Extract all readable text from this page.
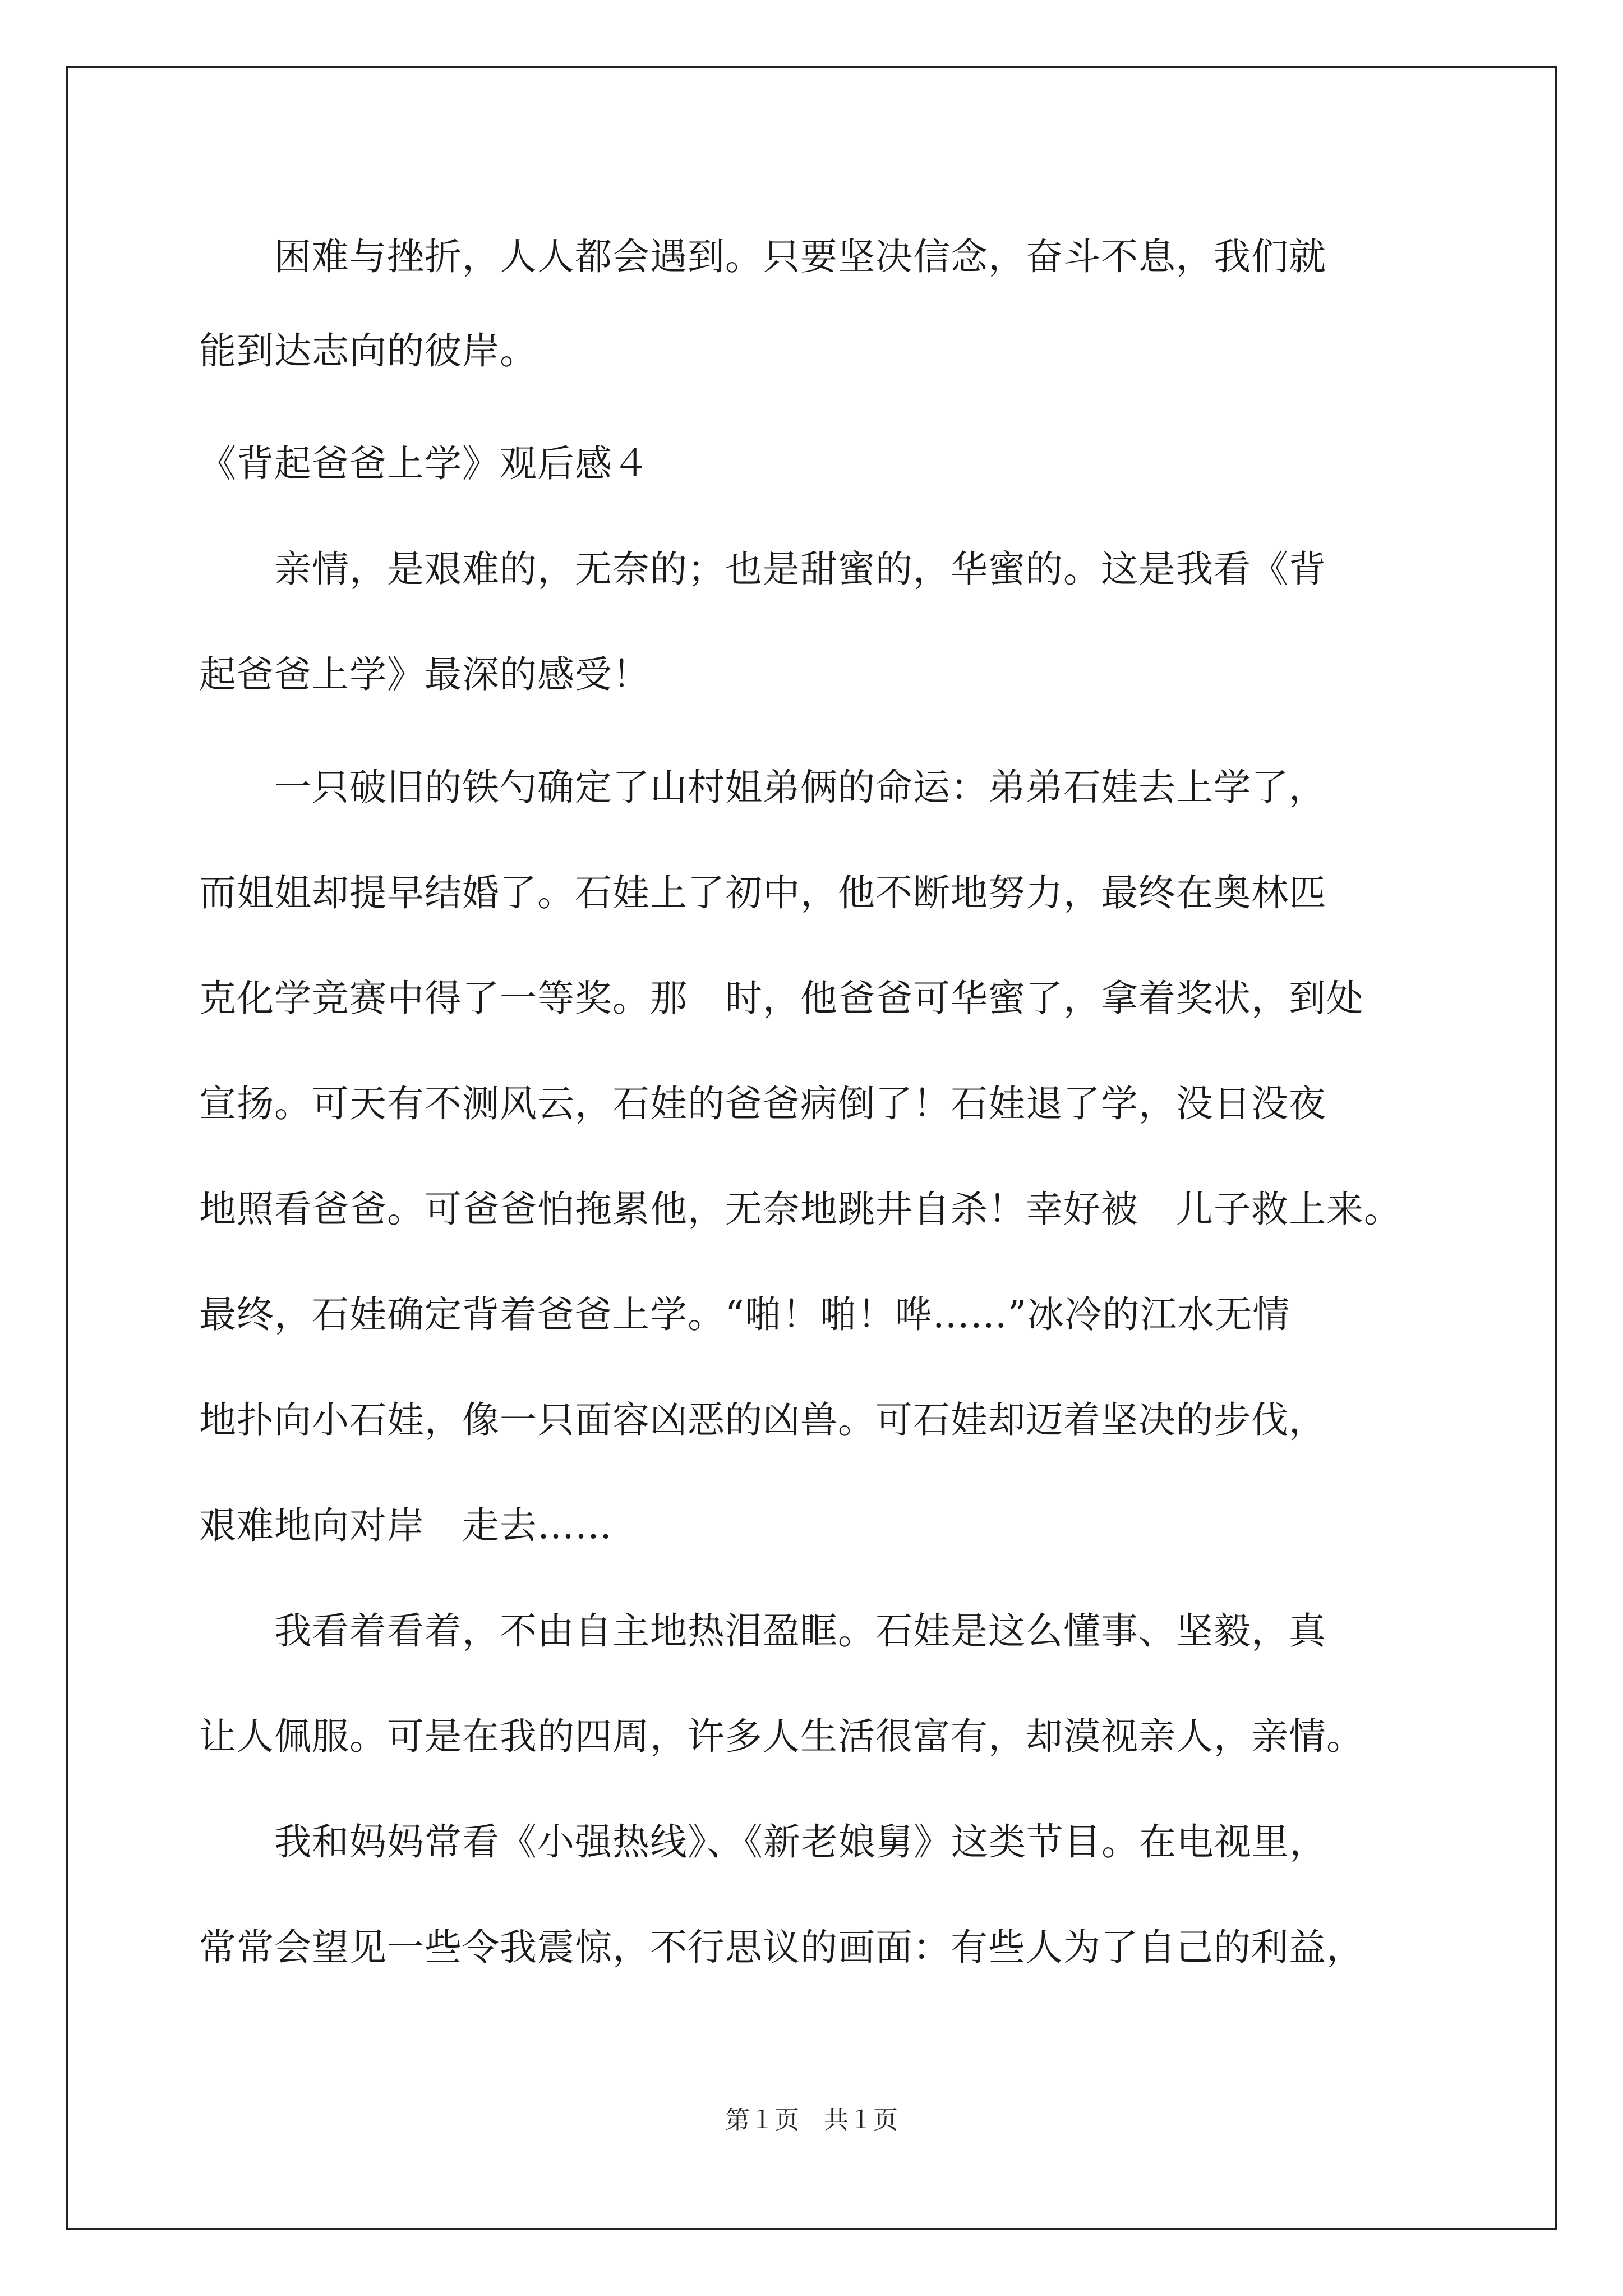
　　困难与挫折，人人都会遇到。只要坚决信念，奋斗不息，我们就
能到达志向的彼岸。
《背起爸爸上学》观后感４
　　亲情，是艰难的，无奈的；也是甜蜜的，华蜜的。这是我看《背
起爸爸上学》最深的感受！
　　一只破旧的铁勺确定了山村姐弟俩的命运：弟弟石娃去上学了，
而姐姐却提早结婚了。石娃上了初中，他不断地努力，最终在奥林匹
克化学竞赛中得了一等奖。那　时，他爸爸可华蜜了，拿着奖状，到处
宣扬。可天有不测风云，石娃的爸爸病倒了！石娃退了学，没日没夜
地照看爸爸。可爸爸怕拖累他，无奈地跳井自杀！幸好被　儿子救上来。
最终，石娃确定背着爸爸上学。“啪！啪！哗……”冰冷的江水无情
地扑向小石娃，像一只面容凶恶的凶兽。可石娃却迈着坚决的步伐，
艰难地向对岸　走去……
　　我看着看着，不由自主地热泪盈眶。石娃是这么懂事、坚毅，真
让人佩服。可是在我的四周，许多人生活很富有，却漠视亲人，亲情。
　　我和妈妈常看《小强热线》、《新老娘舅》这类节目。在电视里，
常常会望见一些令我震惊，不行思议的画面：有些人为了自己的利益，
第１页　共１页
